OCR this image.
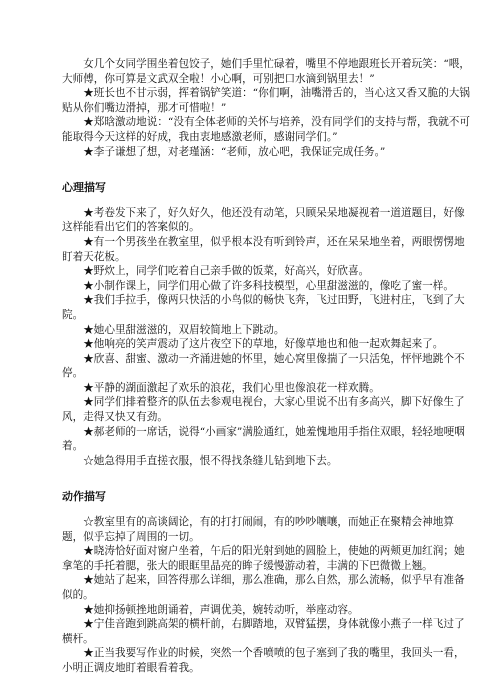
女几个女同学围坐着包饺子，她们手里忙碌着，嘴里不停地跟班长开着玩笑：“喂，大师傅，你可算是文武双全啦！小心啊，可别把口水滴到锅里去！”

★班长也不甘示弱，挥着锅铲笑道：“你们啊，油嘴滑舌的，当心这又香又脆的大锅贴从你们嘴边滑掉，那才可惜啦！”

★郑晗激动地说：“没有全体老师的关怀与培养，没有同学们的支持与帮，我就不可能取得今天这样的好成，我由衷地感激老师，感谢同学们。”

★李子谦想了想，对老瑾涵：“老师，放心吧，我保证完成任务。”

心理描写

★考卷发下来了，好久好久，他还没有动笔，只顾呆呆地凝视着一道道题目，好像这样能看出它们的答案似的。

★有一个男孩坐在教室里，似乎根本没有听到铃声，还在呆呆地坐着，两眼愣愣地盯着天花板。

★野炊上，同学们吃着自己亲手做的饭菜，好高兴，好欣喜。

★小制作课上，同学们用心做了许多科技模型，心里甜滋滋的，像吃了蜜一样。

★我们手拉手，像两只快活的小鸟似的畅快飞奔，飞过田野，飞进村庄，飞到了大院。

★她心里甜滋滋的，双眉较简地上下跳动。

★他响亮的笑声震动了这片夜空下的草地，好像草地也和他一起欢舞起来了。

★欣喜、甜蜜、激动一齐涌进她的怀里，她心窝里像揣了一只活兔，怦怦地跳个不停。

★平静的湖面激起了欢乐的浪花，我们心里也像浪花一样欢腾。

★同学们排着整齐的队伍去参观电视台，大家心里说不出有多高兴，脚下好像生了风，走得又快又有劲。

★郝老师的一席话，说得“小画家”满脸通红，她羞愧地用手指住双眼，轻轻地哽咽着。

☆她急得用手直搓衣服，恨不得找条缝儿钻到地下去。

动作描写

☆教室里有的高谈阔论，有的打打闹闹，有的吵吵嚷嚷，而她正在聚精会神地算题，似乎忘掉了周围的一切。

★晓涛恰好面对窗户坐着，午后的阳光射到她的圆脸上，使她的两颊更加红润；她拿笔的手托着腮，张大的眼眶里晶亮的眸子缓慢游动着，丰满的下巴微微上翘。

★她站了起来，回答得那么详细，那么准确，那么自然，那么流畅，似乎早有准备似的。

★她抑扬顿挫地朗诵着，声调优美，婉转动听，举座动容。

★宁佳音跑到跳高架的横杆前，右脚踏地，双臂猛摆，身体就像小燕子一样飞过了横杆。

★正当我要写作业的时候，突然一个香喷喷的包子塞到了我的嘴里，我回头一看，小明正调皮地盯着眼看着我。
